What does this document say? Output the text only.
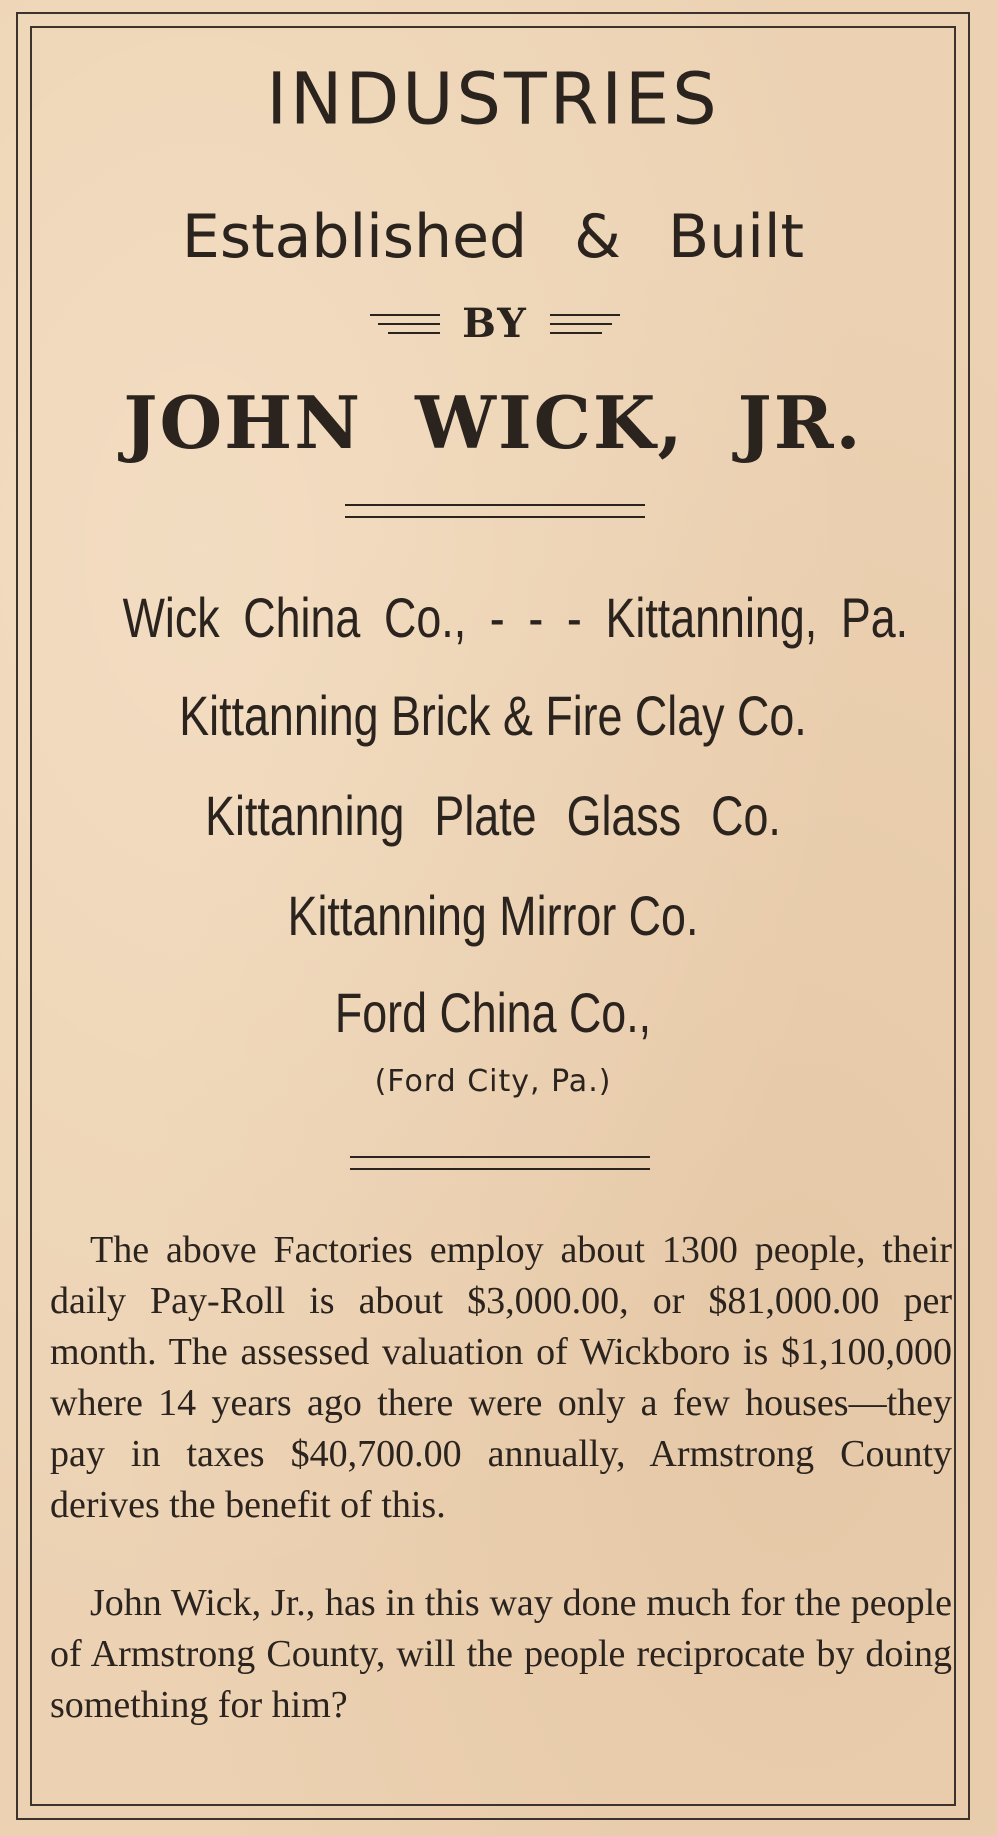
INDUSTRIES
Established & Built
BY
JOHN WICK, JR.
Wick China Co., - - - Kittanning, Pa.
Kittanning Brick & Fire Clay Co.
Kittanning Plate Glass Co.
Kittanning Mirror Co.
Ford China Co.,
(Ford City, Pa.)
The above Factories employ about 1300 people, their daily Pay-Roll is about $3,000.00, or $81,000.00 per month. The assessed valuation of Wickboro is $1,100,000 where 14 years ago there were only a few houses—they pay in taxes $40,700.00 annually, Armstrong County derives the benefit of this.
John Wick, Jr., has in this way done much for the people of Armstrong County, will the people reciprocate by doing something for him?
